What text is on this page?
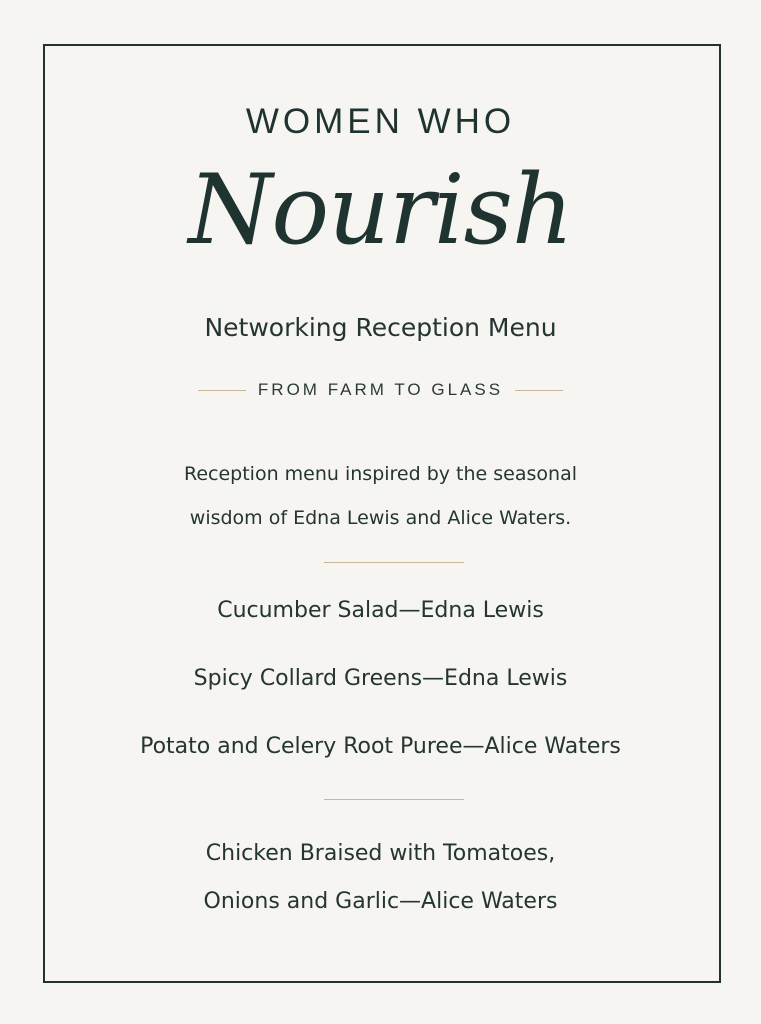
WOMEN WHO
Nourish
Networking Reception Menu
FROM FARM TO GLASS
Reception menu inspired by the seasonal
wisdom of Edna Lewis and Alice Waters.
Cucumber Salad—Edna Lewis
Spicy Collard Greens—Edna Lewis
Potato and Celery Root Puree—Alice Waters
Chicken Braised with Tomatoes,
Onions and Garlic—Alice Waters
